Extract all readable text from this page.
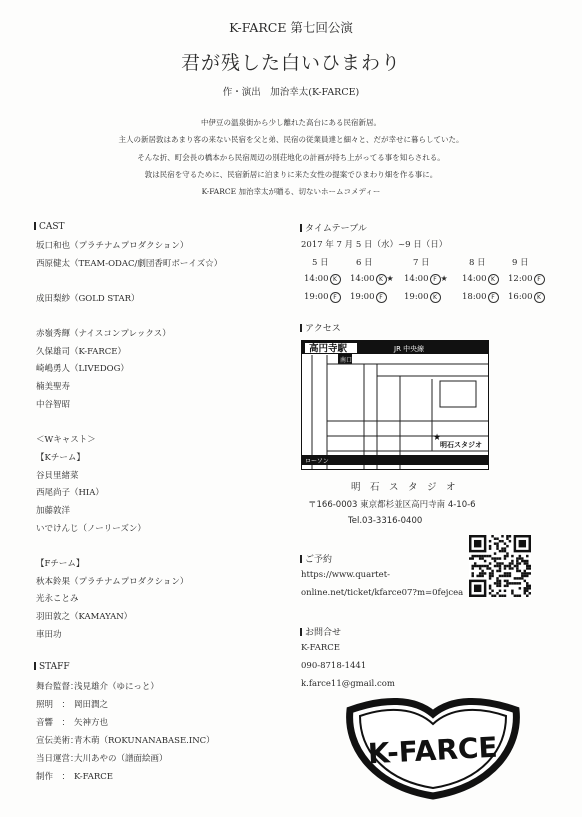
K-FARCE 第七回公演
君が残した白いひまわり
作・演出　加治幸太(K-FARCE)
中伊豆の温泉街から少し離れた高台にある民宿新居。
主人の新居敦はあまり客の来ない民宿を父と弟、民宿の従業員達と細々と、だが幸せに暮らしていた。
そんな折、町会長の橋本から民宿周辺の別荘地化の計画が持ち上がってる事を知らされる。
敦は民宿を守るために、民宿新居に泊まりに来た女性の提案でひまわり畑を作る事に。
K-FARCE 加治幸太が贈る、切ないホームコメディー
CAST
坂口和也（プラチナムプロダクション）
西原健太（TEAM-ODAC/劇団香町ボーイズ☆）
成田梨紗（GOLD STAR）
赤嶺秀輝（ナイスコンプレックス）
久保雄司（K-FARCE）
崎嶋勇人（LIVEDOG）
楠美聖寿
中谷智昭
＜Wキャスト＞
【Kチーム】
谷貝里緒菜
西尾尚子（HIA）
加藤敦洋
いでけんじ（ノーリーズン）
【Fチーム】
秋本鈴果（プラチナムプロダクション）
光永ことみ
羽田敦之（KAMAYAN）
車田功
STAFF
舞台監督：浅見雄介（ゆにっと）
照明　： 岡田潤之
音響　： 矢神方也
宣伝美術：青木萌（ROKUNANABASE.INC）
当日運営：大川あやの（譜面絵画）
制作　： K-FARCE
タイムテーブル
2017 年 7 月 5 日（水）~9 日（日）
5 日	6 日	7 日	8 日	9 日
14:00 K	14:00 K ★ 14:00 F ★ 14:00 K	12:00 F
19:00 F	19:00 F	19:00 K	18:00 F	16:00 K
アクセス
高円寺駅	JR 中央線
南口
ローソン
明石スタジオ
★
明　石　ス　タ　ジ　オ
〒166-0003 東京都杉並区高円寺南 4-10-6
Tel.03-3316-0400
ご予約
https://www.quartet-
online.net/ticket/kfarce07?m=0fejcea
お問合せ
K-FARCE
090-8718-1441
k.farce11@gmail.com
K-FARCE
